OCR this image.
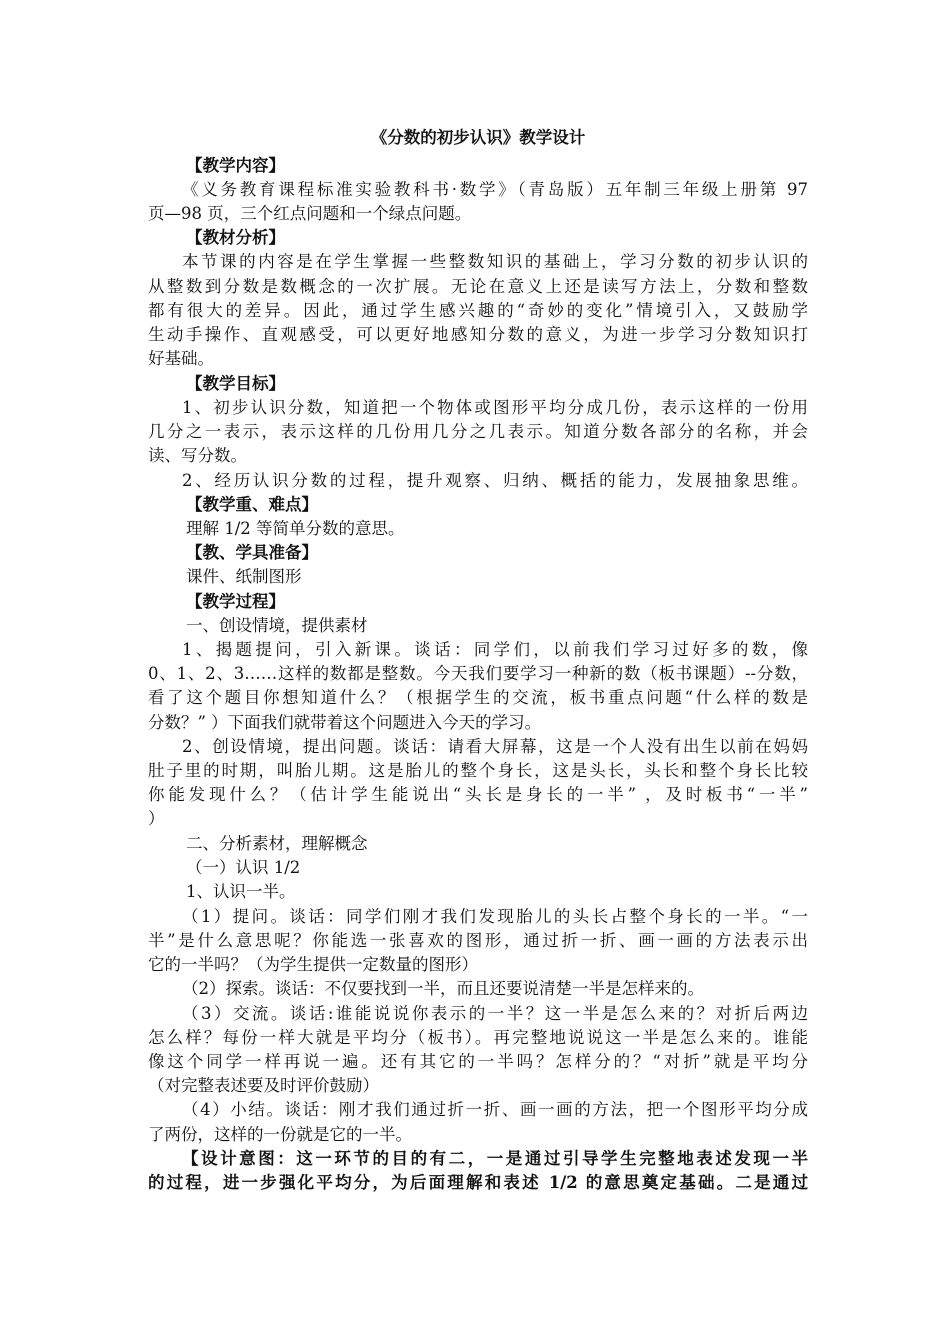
《分数的初步认识》教学设计
【教学内容】
《义务教育课程标准实验教科书·数学》（青岛版）五年制三年级上册第 97
页—98 页，三个红点问题和一个绿点问题。
【教材分析】
本节课的内容是在学生掌握一些整数知识的基础上，学习分数的初步认识的
从整数到分数是数概念的一次扩展。无论在意义上还是读写方法上，分数和整数
都有很大的差异。因此，通过学生感兴趣的“奇妙的变化”情境引入，又鼓励学
生动手操作、直观感受，可以更好地感知分数的意义，为进一步学习分数知识打
好基础。
【教学目标】
1、初步认识分数，知道把一个物体或图形平均分成几份，表示这样的一份用
几分之一表示，表示这样的几份用几分之几表示。知道分数各部分的名称，并会
读、写分数。
2、经历认识分数的过程，提升观察、归纳、概括的能力，发展抽象思维。
【教学重、难点】
理解 1/2 等简单分数的意思。
【教、学具准备】
课件、纸制图形
【教学过程】
一、创设情境，提供素材
1、揭题提问，引入新课。谈话：同学们，以前我们学习过好多的数，像
0、1、2、3……这样的数都是整数。今天我们要学习一种新的数（板书课题）--分数，
看了这个题目你想知道什么？（根据学生的交流，板书重点问题“什么样的数是
分数？” ）下面我们就带着这个问题进入今天的学习。
2、创设情境，提出问题。谈话：请看大屏幕，这是一个人没有出生以前在妈妈
肚子里的时期，叫胎儿期。这是胎儿的整个身长，这是头长，头长和整个身长比较
你能发现什么？（估计学生能说出“头长是身长的一半” ，及时板书“一半”
）
二、分析素材，理解概念
（一）认识 1/2
1、认识一半。
（1）提问。谈话：同学们刚才我们发现胎儿的头长占整个身长的一半。“一
半”是什么意思呢？你能选一张喜欢的图形，通过折一折、画一画的方法表示出
它的一半吗？（为学生提供一定数量的图形）
（2）探索。谈话：不仅要找到一半，而且还要说清楚一半是怎样来的。
（3）交流。谈话:谁能说说你表示的一半？这一半是怎么来的？对折后两边
怎么样？每份一样大就是平均分（板书）。再完整地说说这一半是怎么来的。谁能
像这个同学一样再说一遍。还有其它的一半吗？怎样分的？“对折”就是平均分
（对完整表述要及时评价鼓励）
（4）小结。谈话：刚才我们通过折一折、画一画的方法，把一个图形平均分成
了两份，这样的一份就是它的一半。
【设计意图：这一环节的目的有二，一是通过引导学生完整地表述发现一半
的过程，进一步强化平均分，为后面理解和表述 1/2 的意思奠定基础。二是通过
